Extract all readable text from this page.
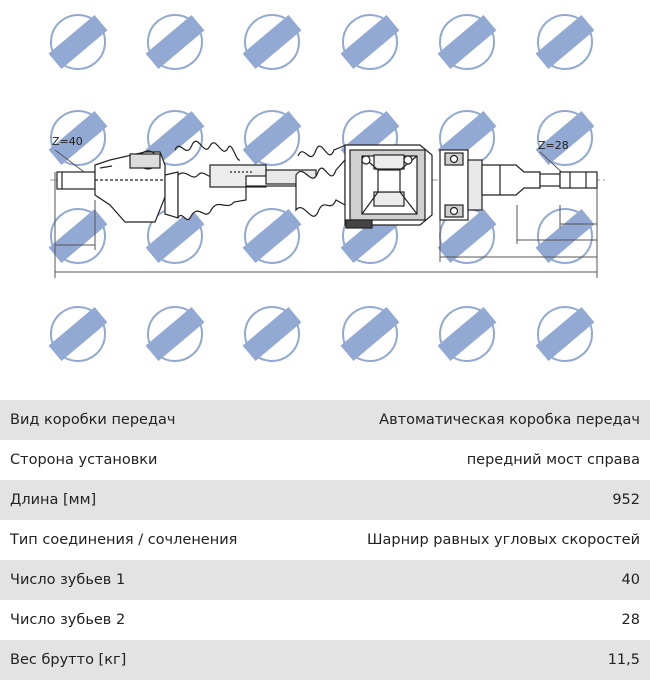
Z=40	Z=28
Вид коробки передач	Автоматическая коробка передач
Сторона установки	передний мост справа
Длина [мм]	952
Тип соединения / сочленения	Шарнир равных угловых скоростей
Число зубьев 1	40
Число зубьев 2	28
Вес брутто [кг]	11,5
